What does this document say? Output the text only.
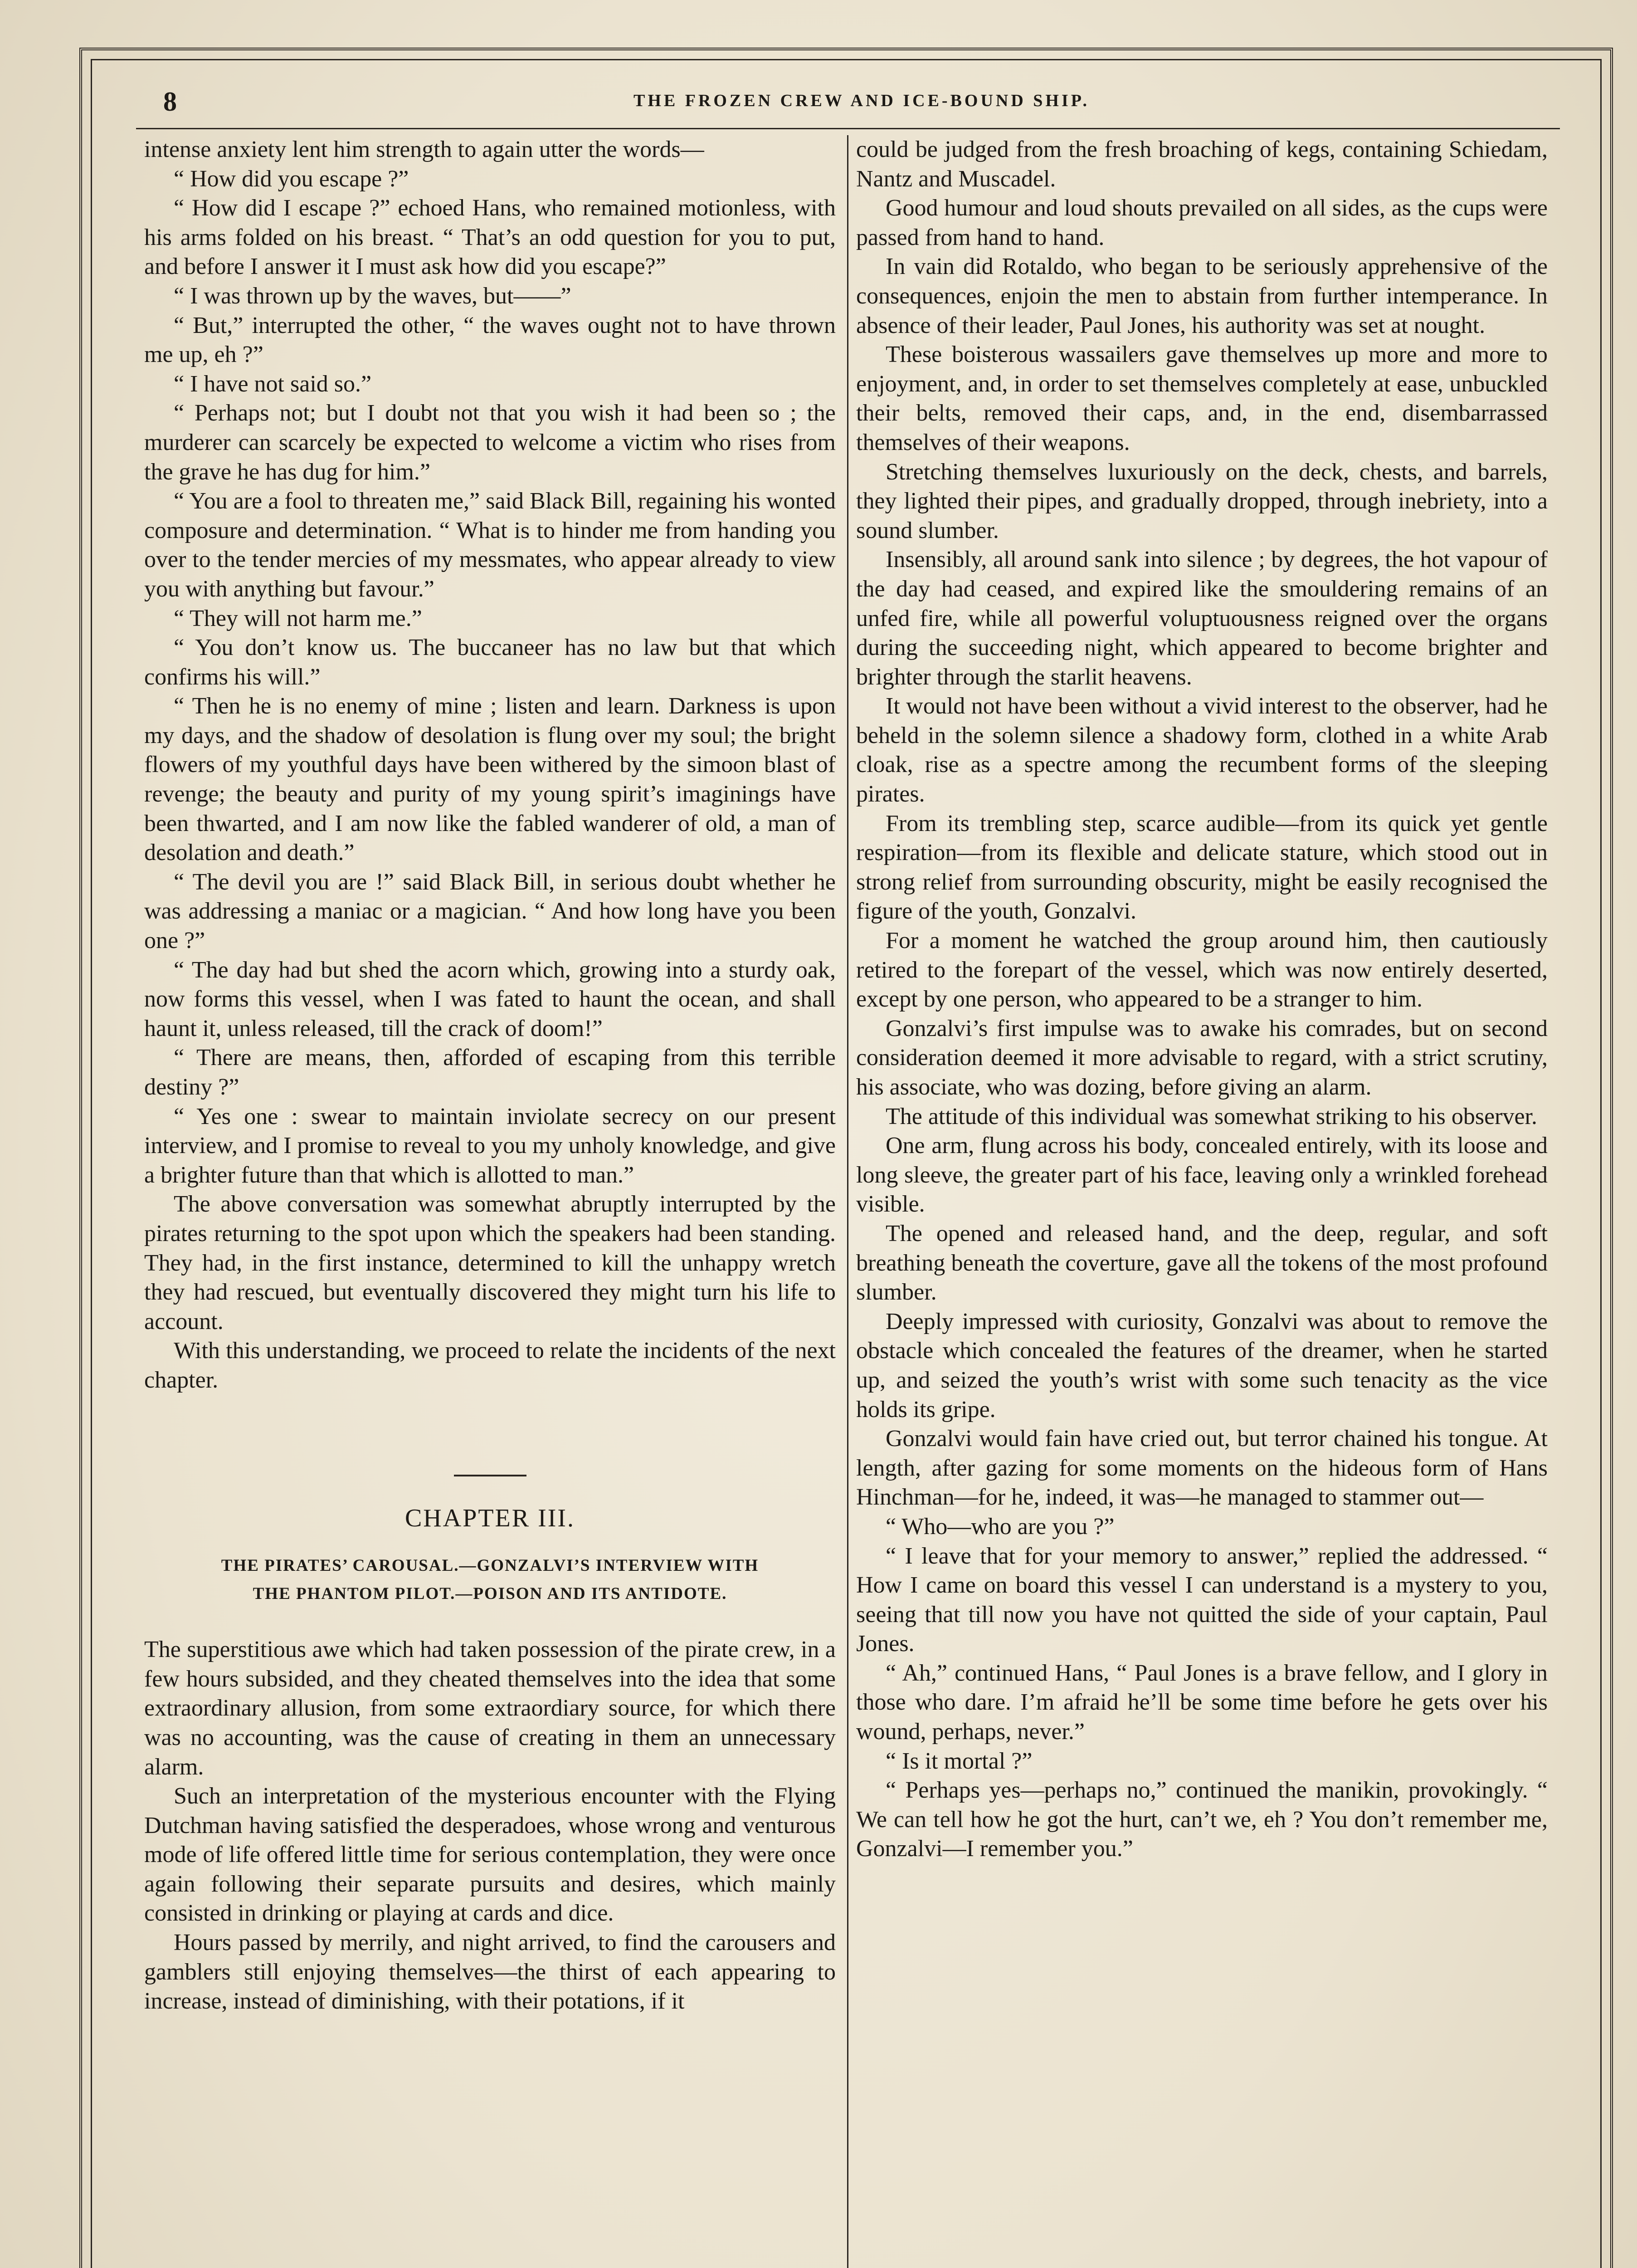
8	THE FROZEN CREW AND ICE-BOUND SHIP.

intense anxiety lent him strength to again utter the words—

“ How did you escape ?”

“ How did I escape ?” echoed Hans, who remained motionless, with his arms folded on his breast. “ That’s an odd question for you to put, and before I answer it I must ask how did you escape?”

“ I was thrown up by the waves, but——”

“ But,” interrupted the other, “ the waves ought not to have thrown me up, eh ?”

“ I have not said so.”

“ Perhaps not; but I doubt not that you wish it had been so ; the murderer can scarcely be expected to welcome a victim who rises from the grave he has dug for him.”

“ You are a fool to threaten me,” said Black Bill, regaining his wonted composure and determination. “ What is to hinder me from handing you over to the tender mercies of my messmates, who appear already to view you with anything but favour.”

“ They will not harm me.”

“ You don’t know us. The buccaneer has no law but that which confirms his will.”

“ Then he is no enemy of mine ; listen and learn. Darkness is upon my days, and the shadow of desolation is flung over my soul; the bright flowers of my youthful days have been withered by the simoon blast of revenge; the beauty and purity of my young spirit’s imaginings have been thwarted, and I am now like the fabled wanderer of old, a man of desolation and death.”

“ The devil you are !” said Black Bill, in serious doubt whether he was addressing a maniac or a magician. “ And how long have you been one ?”

“ The day had but shed the acorn which, growing into a sturdy oak, now forms this vessel, when I was fated to haunt the ocean, and shall haunt it, unless released, till the crack of doom!”

“ There are means, then, afforded of escaping from this terrible destiny ?”

“ Yes one : swear to maintain inviolate secrecy on our present interview, and I promise to reveal to you my unholy knowledge, and give a brighter future than that which is allotted to man.”

The above conversation was somewhat abruptly interrupted by the pirates returning to the spot upon which the speakers had been standing. They had, in the first instance, determined to kill the unhappy wretch they had rescued, but eventually discovered they might turn his life to account.

With this understanding, we proceed to relate the incidents of the next chapter.

CHAPTER III.
THE PIRATES’ CAROUSAL.—GONZALVI’S INTERVIEW WITH
THE PHANTOM PILOT.—POISON AND ITS ANTIDOTE.

The superstitious awe which had taken possession of the pirate crew, in a few hours subsided, and they cheated themselves into the idea that some extraordinary allusion, from some extraordiary source, for which there was no accounting, was the cause of creating in them an unnecessary alarm.

Such an interpretation of the mysterious encounter with the Flying Dutchman having satisfied the desperadoes, whose wrong and venturous mode of life offered little time for serious contemplation, they were once again following their separate pursuits and desires, which mainly consisted in drinking or playing at cards and dice.

Hours passed by merrily, and night arrived, to find the carousers and gamblers still enjoying themselves—the thirst of each appearing to increase, instead of diminishing, with their potations, if it

could be judged from the fresh broaching of kegs, containing Schiedam, Nantz and Muscadel.

Good humour and loud shouts prevailed on all sides, as the cups were passed from hand to hand.

In vain did Rotaldo, who began to be seriously apprehensive of the consequences, enjoin the men to abstain from further intemperance. In absence of their leader, Paul Jones, his authority was set at nought.

These boisterous wassailers gave themselves up more and more to enjoyment, and, in order to set themselves completely at ease, unbuckled their belts, removed their caps, and, in the end, disembarrassed themselves of their weapons.

Stretching themselves luxuriously on the deck, chests, and barrels, they lighted their pipes, and gradually dropped, through inebriety, into a sound slumber.

Insensibly, all around sank into silence ; by degrees, the hot vapour of the day had ceased, and expired like the smouldering remains of an unfed fire, while all powerful voluptuousness reigned over the organs during the succeeding night, which appeared to become brighter and brighter through the starlit heavens.

It would not have been without a vivid interest to the observer, had he beheld in the solemn silence a shadowy form, clothed in a white Arab cloak, rise as a spectre among the recumbent forms of the sleeping pirates.

From its trembling step, scarce audible—from its quick yet gentle respiration—from its flexible and delicate stature, which stood out in strong relief from surrounding obscurity, might be easily recognised the figure of the youth, Gonzalvi.

For a moment he watched the group around him, then cautiously retired to the forepart of the vessel, which was now entirely deserted, except by one person, who appeared to be a stranger to him.

Gonzalvi’s first impulse was to awake his comrades, but on second consideration deemed it more advisable to regard, with a strict scrutiny, his associate, who was dozing, before giving an alarm.

The attitude of this individual was somewhat striking to his observer.

One arm, flung across his body, concealed entirely, with its loose and long sleeve, the greater part of his face, leaving only a wrinkled forehead visible.

The opened and released hand, and the deep, regular, and soft breathing beneath the coverture, gave all the tokens of the most profound slumber.

Deeply impressed with curiosity, Gonzalvi was about to remove the obstacle which concealed the features of the dreamer, when he started up, and seized the youth’s wrist with some such tenacity as the vice holds its gripe.

Gonzalvi would fain have cried out, but terror chained his tongue. At length, after gazing for some moments on the hideous form of Hans Hinchman—for he, indeed, it was—he managed to stammer out—

“ Who—who are you ?”

“ I leave that for your memory to answer,” replied the addressed. “ How I came on board this vessel I can understand is a mystery to you, seeing that till now you have not quitted the side of your captain, Paul Jones.

“ Ah,” continued Hans, “ Paul Jones is a brave fellow, and I glory in those who dare. I’m afraid he’ll be some time before he gets over his wound, perhaps, never.”

“ Is it mortal ?”

“ Perhaps yes—perhaps no,” continued the manikin, provokingly. “ We can tell how he got the hurt, can’t we, eh ? You don’t remember me, Gonzalvi—I remember you.”
